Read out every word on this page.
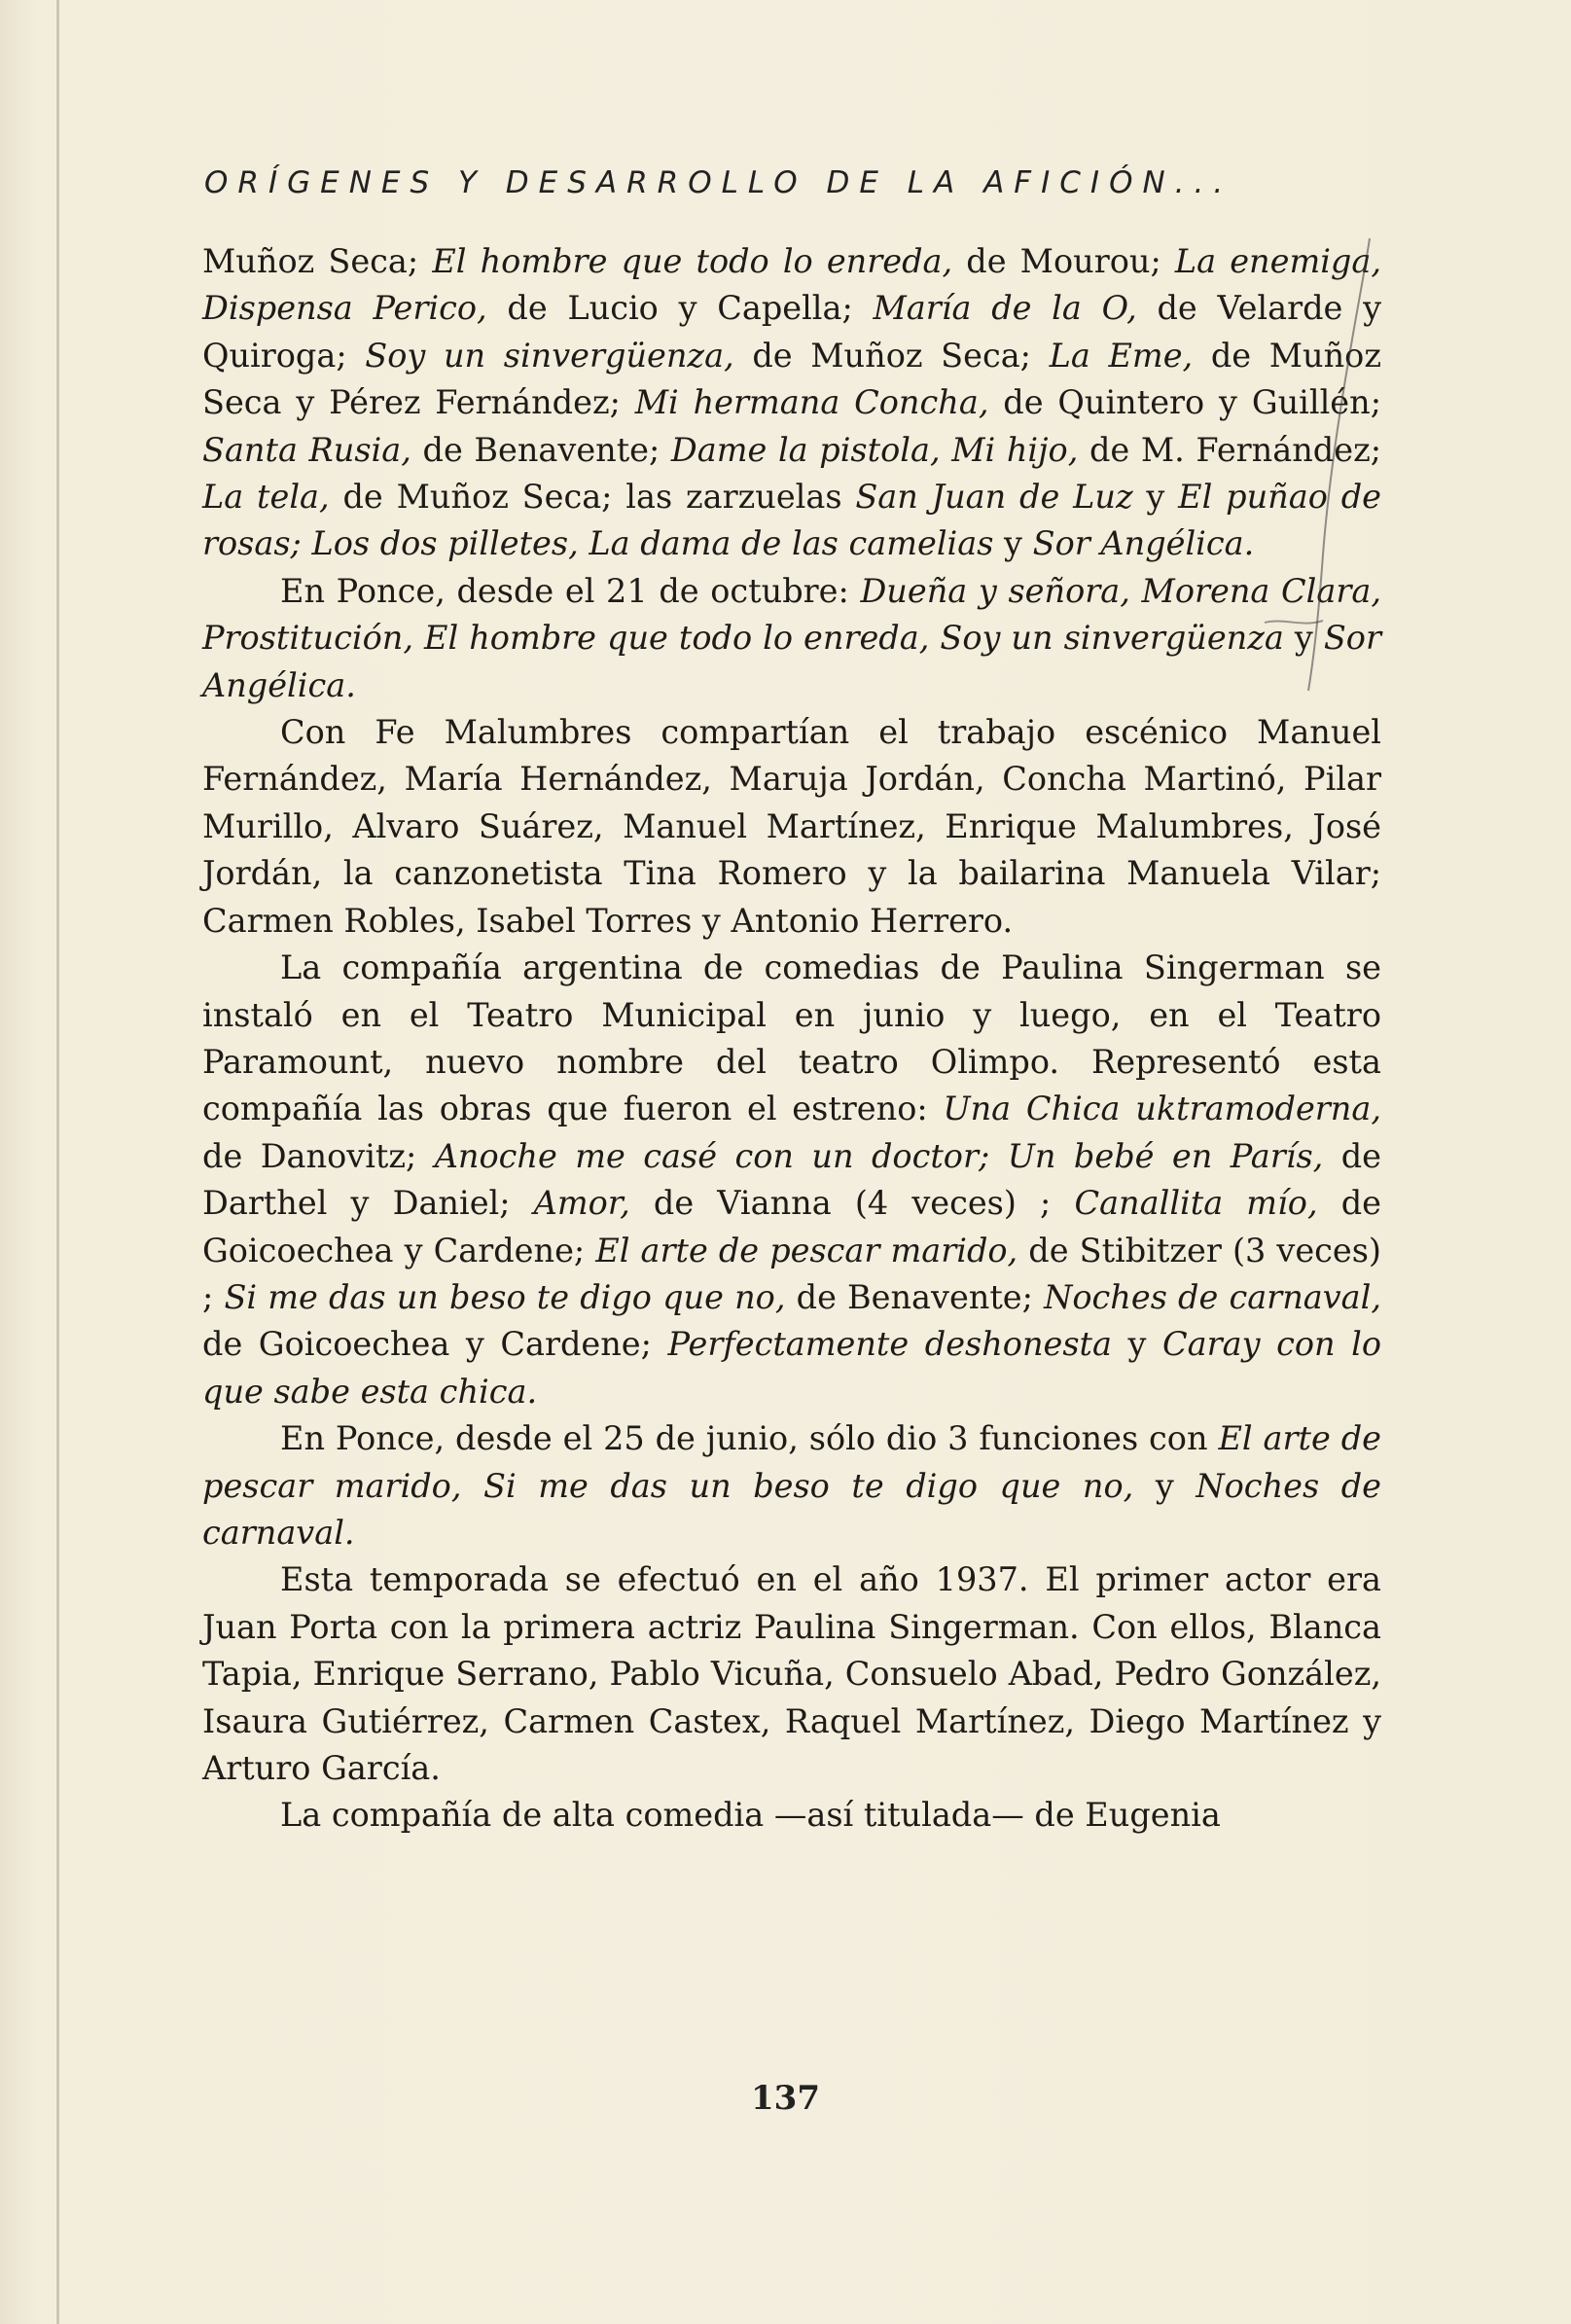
ORÍGENES Y DESARROLLO DE LA AFICIÓN...

Muñoz Seca; El hombre que todo lo enreda, de Mourou; La enemiga, Dispensa Perico, de Lucio y Capella; María de la O, de Velarde y Quiroga; Soy un sinvergüenza, de Muñoz Seca; La Eme, de Muñoz Seca y Pérez Fernández; Mi hermana Concha, de Quintero y Guillén; Santa Rusia, de Benavente; Dame la pistola, Mi hijo, de M. Fernández; La tela, de Muñoz Seca; las zarzuelas San Juan de Luz y El puñao de rosas; Los dos pilletes, La dama de las camelias y Sor Angélica.

En Ponce, desde el 21 de octubre: Dueña y señora, Morena Clara, Prostitución, El hombre que todo lo enreda, Soy un sinvergüenza y Sor Angélica.

Con Fe Malumbres compartían el trabajo escénico Manuel Fernández, María Hernández, Maruja Jordán, Concha Martinó, Pilar Murillo, Alvaro Suárez, Manuel Martínez, Enrique Malumbres, José Jordán, la canzonetista Tina Romero y la bailarina Manuela Vilar; Carmen Robles, Isabel Torres y Antonio Herrero.

La compañía argentina de comedias de Paulina Singerman se instaló en el Teatro Municipal en junio y luego, en el Teatro Paramount, nuevo nombre del teatro Olimpo. Representó esta compañía las obras que fueron el estreno: Una Chica uktramoderna, de Danovitz; Anoche me casé con un doctor; Un bebé en París, de Darthel y Daniel; Amor, de Vianna (4 veces) ; Canallita mío, de Goicoechea y Cardene; El arte de pescar marido, de Stibitzer (3 veces) ; Si me das un beso te digo que no, de Benavente; Noches de carnaval, de Goicoechea y Cardene; Perfectamente deshonesta y Caray con lo que sabe esta chica.

En Ponce, desde el 25 de junio, sólo dio 3 funciones con El arte de pescar marido, Si me das un beso te digo que no, y Noches de carnaval.

Esta temporada se efectuó en el año 1937. El primer actor era Juan Porta con la primera actriz Paulina Singerman. Con ellos, Blanca Tapia, Enrique Serrano, Pablo Vicuña, Consuelo Abad, Pedro González, Isaura Gutiérrez, Carmen Castex, Raquel Martínez, Diego Martínez y Arturo García.

La compañía de alta comedia —así titulada— de Eugenia

137
